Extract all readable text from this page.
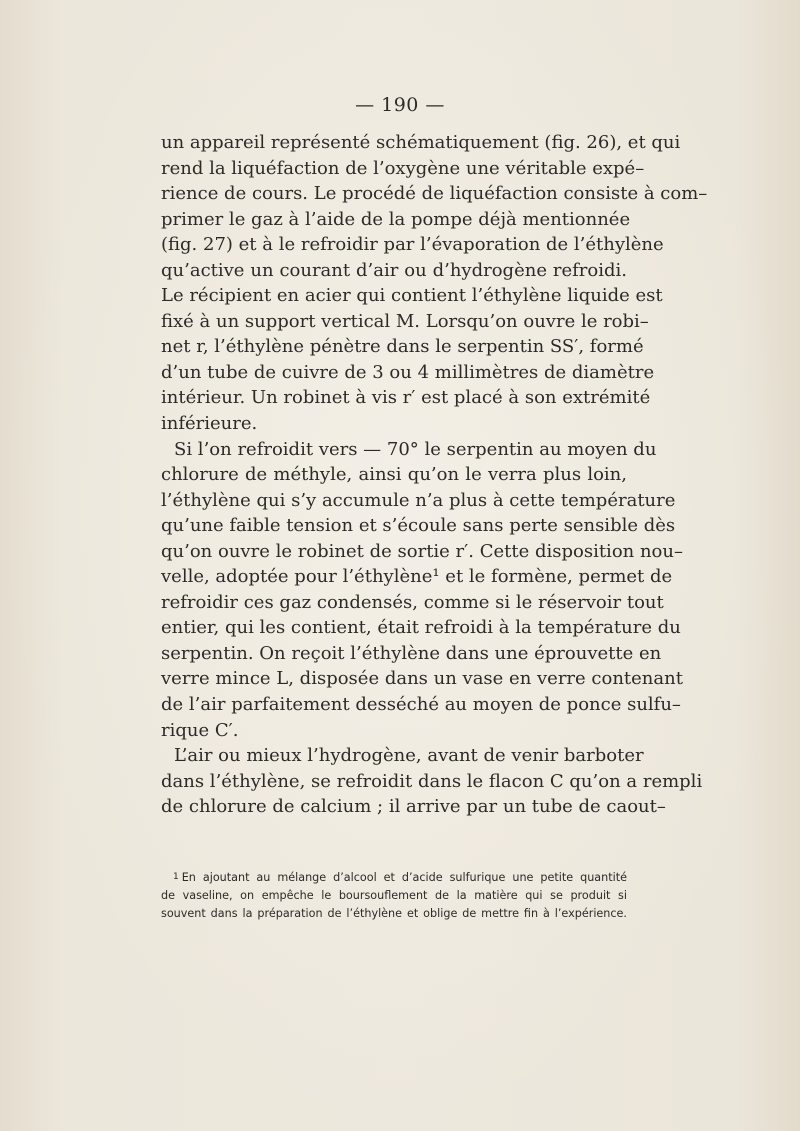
— 190 —
un appareil représenté schématiquement (fig. 26), et qui
rend la liquéfaction de l’oxygène une véritable expé–
rience de cours. Le procédé de liquéfaction consiste à com–
primer le gaz à l’aide de la pompe déjà mentionnée
(fig. 27) et à le refroidir par l’évaporation de l’éthylène
qu’active un courant d’air ou d’hydrogène refroidi.
Le récipient en acier qui contient l’éthylène liquide est
fixé à un support vertical M. Lorsqu’on ouvre le robi–
net r, l’éthylène pénètre dans le serpentin SS′, formé
d’un tube de cuivre de 3 ou 4 millimètres de diamètre
intérieur. Un robinet à vis r′ est placé à son extrémité
inférieure.
Si l’on refroidit vers — 70° le serpentin au moyen du
chlorure de méthyle, ainsi qu’on le verra plus loin,
l’éthylène qui s’y accumule n’a plus à cette température
qu’une faible tension et s’écoule sans perte sensible dès
qu’on ouvre le robinet de sortie r′. Cette disposition nou–
velle, adoptée pour l’éthylène¹ et le formène, permet de
refroidir ces gaz condensés, comme si le réservoir tout
entier, qui les contient, était refroidi à la température du
serpentin. On reçoit l’éthylène dans une éprouvette en
verre mince L, disposée dans un vase en verre contenant
de l’air parfaitement desséché au moyen de ponce sulfu–
rique C′.
L’air ou mieux l’hydrogène, avant de venir barboter
dans l’éthylène, se refroidit dans le flacon C qu’on a rempli
de chlorure de calcium ; il arrive par un tube de caout–
1 En ajoutant au mélange d’alcool et d’acide sulfurique une petite quantité
de vaseline, on empêche le boursouflement de la matière qui se produit si
souvent dans la préparation de l’éthylène et oblige de mettre fin à l’expérience.
